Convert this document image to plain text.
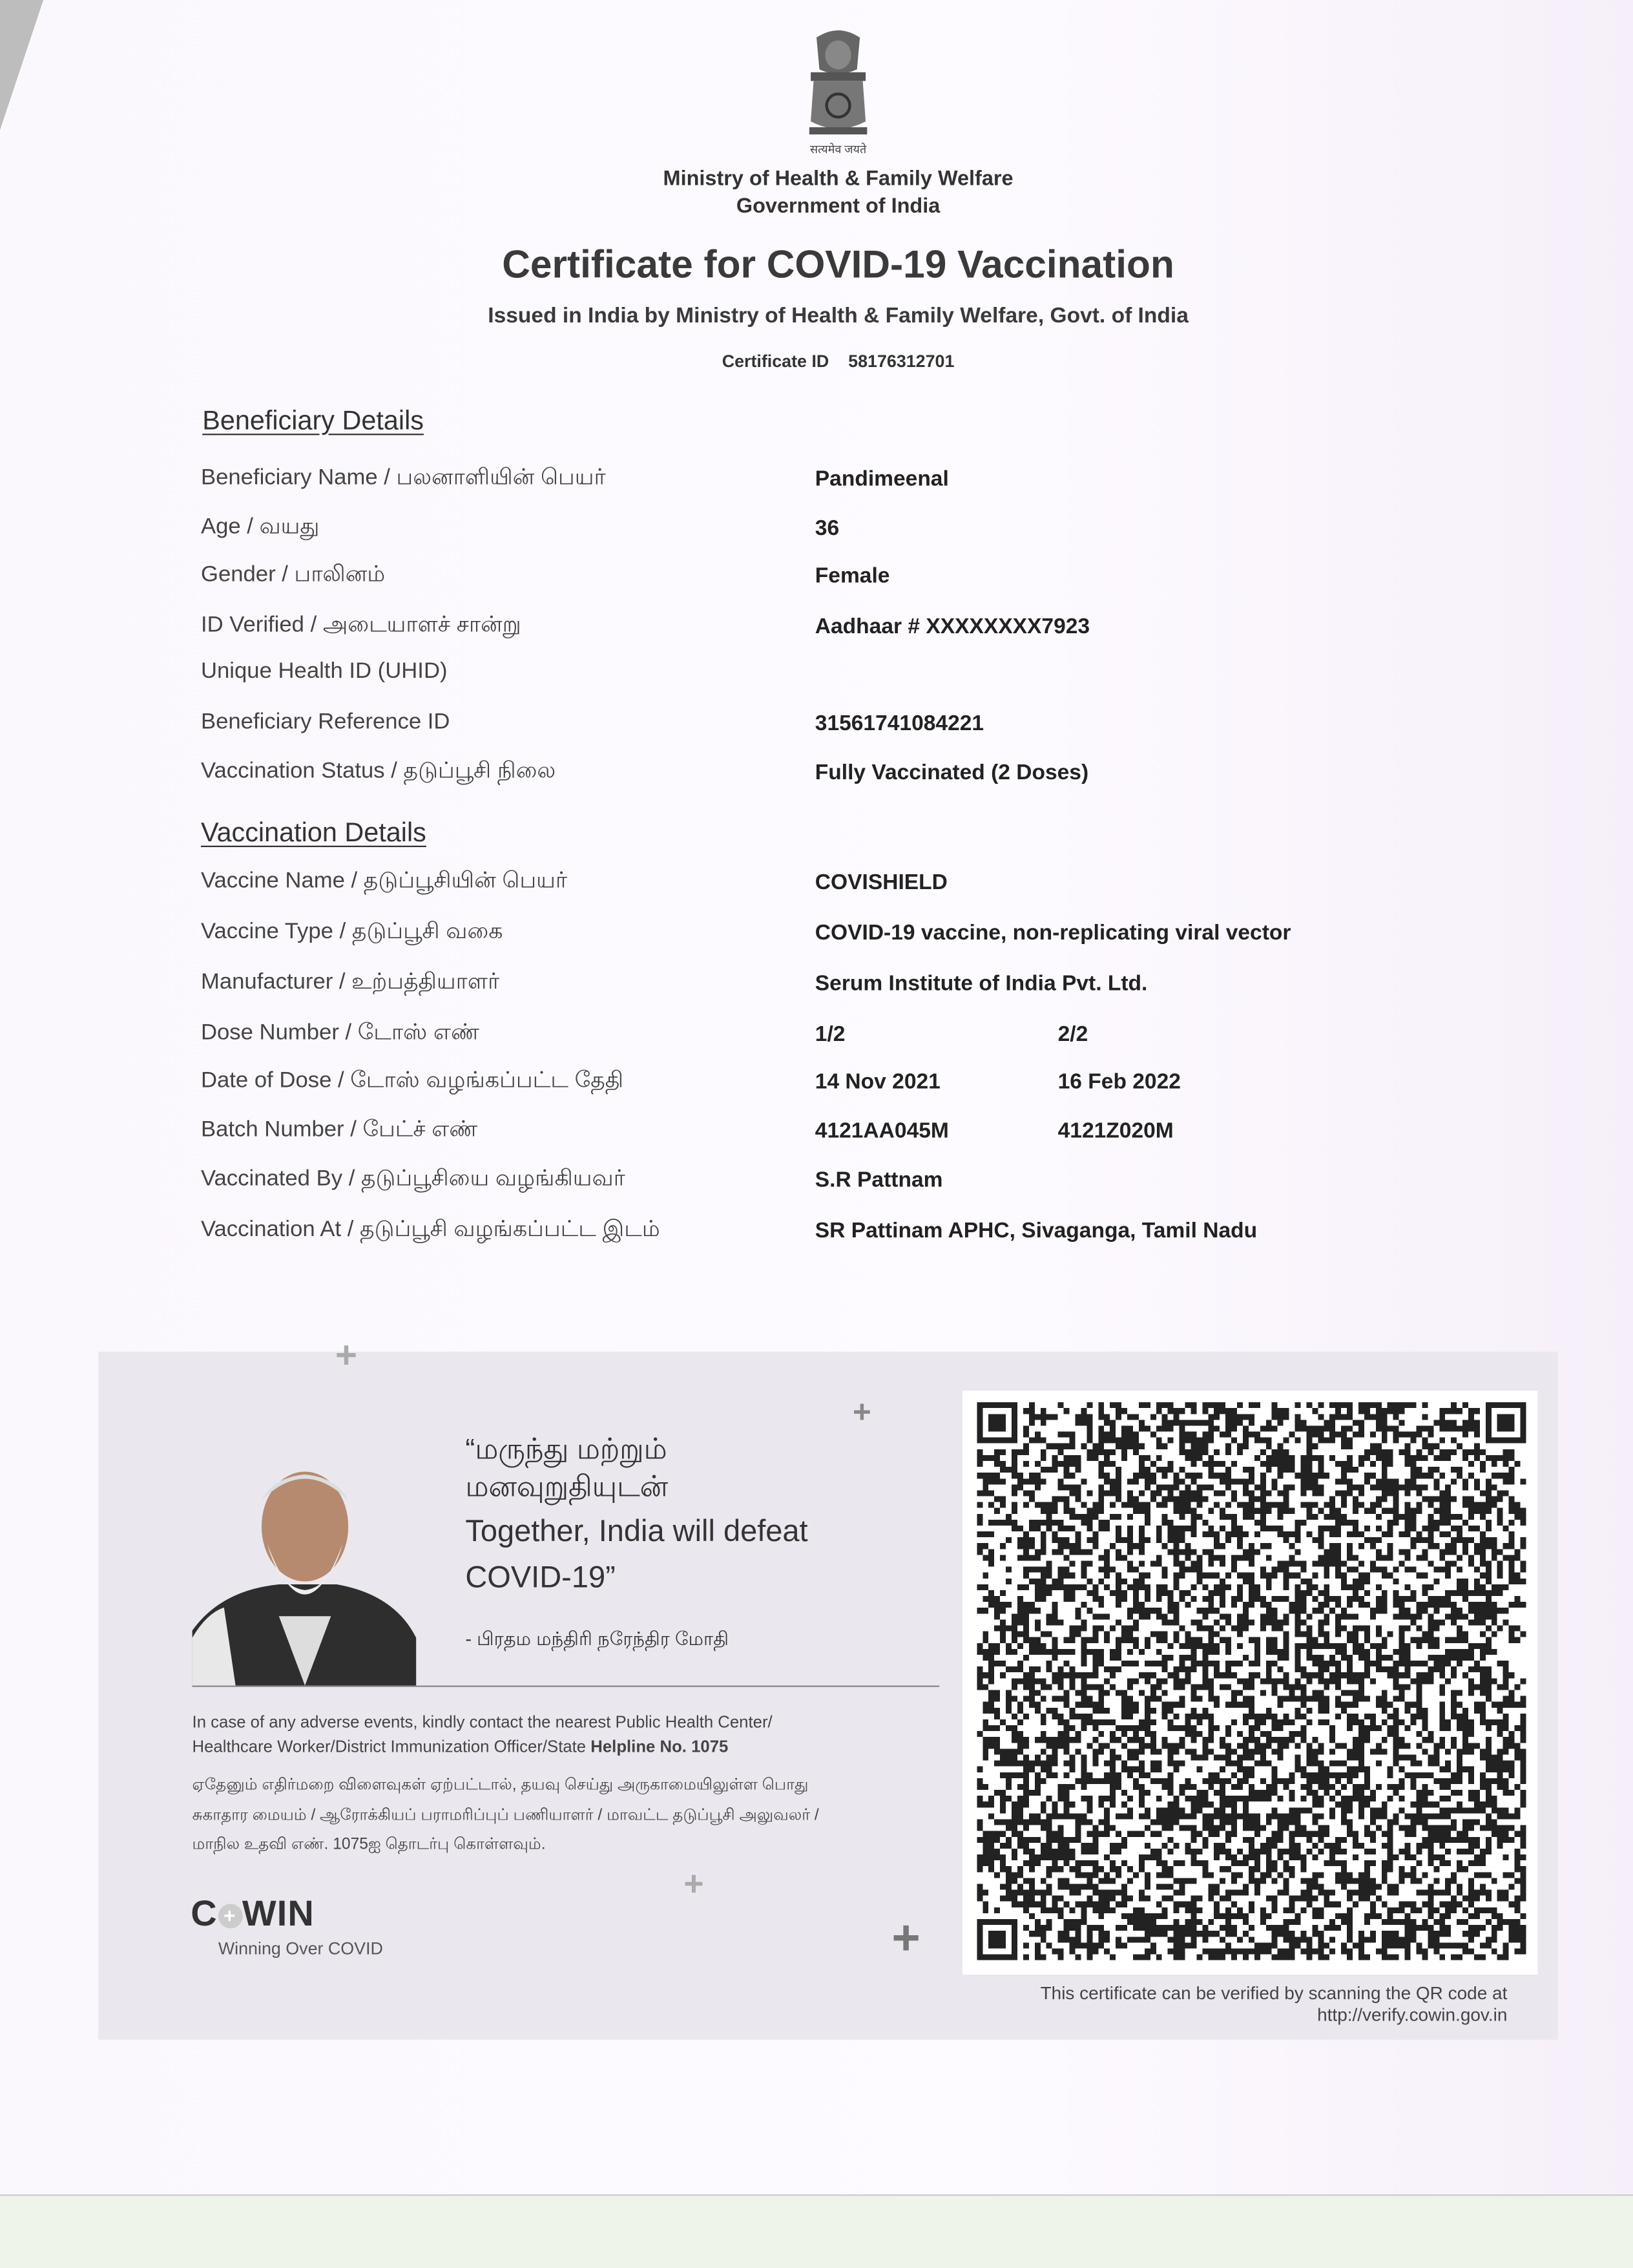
सत्यमेव जयते
Ministry of Health & Family Welfare
Government of India
Certificate for COVID-19 Vaccination
Issued in India by Ministry of Health & Family Welfare, Govt. of India
Certificate ID 58176312701
Beneficiary Details
Beneficiary Name / பலனாளியின் பெயர்	Pandimeenal
Age / வயது	36
Gender / பாலினம்	Female
ID Verified / அடையாளச் சான்று	Aadhaar # XXXXXXXX7923
Unique Health ID (UHID)
Beneficiary Reference ID	31561741084221
Vaccination Status / தடுப்பூசி நிலை	Fully Vaccinated (2 Doses)
Vaccination Details
Vaccine Name / தடுப்பூசியின் பெயர்	COVISHIELD
Vaccine Type / தடுப்பூசி வகை	COVID-19 vaccine, non-replicating viral vector
Manufacturer / உற்பத்தியாளர்	Serum Institute of India Pvt. Ltd.
Dose Number / டோஸ் எண்	1/2	2/2
Date of Dose / டோஸ் வழங்கப்பட்ட தேதி	14 Nov 2021	16 Feb 2022
Batch Number / பேட்ச் எண்	4121AA045M	4121Z020M
Vaccinated By / தடுப்பூசியை வழங்கியவர்	S.R Pattnam
Vaccination At / தடுப்பூசி வழங்கப்பட்ட இடம்	SR Pattinam APHC, Sivaganga, Tamil Nadu
+
+
+
+
“மருந்து மற்றும்
மனவுறுதியுடன்
Together, India will defeat
COVID-19”
- பிரதம மந்திரி நரேந்திர மோதி
In case of any adverse events, kindly contact the nearest Public Health Center/
Healthcare Worker/District Immunization Officer/State Helpline No. 1075
ஏதேனும் எதிர்மறை விளைவுகள் ஏற்பட்டால், தயவு செய்து அருகாமையிலுள்ள பொது
சுகாதார மையம் / ஆரோக்கியப் பராமரிப்புப் பணியாளர் / மாவட்ட தடுப்பூசி அலுவலர் /
மாநில உதவி எண். 1075ஐ தொடர்பு கொள்ளவும்.
C + WIN
Winning Over COVID
This certificate can be verified by scanning the QR code at
http://verify.cowin.gov.in
